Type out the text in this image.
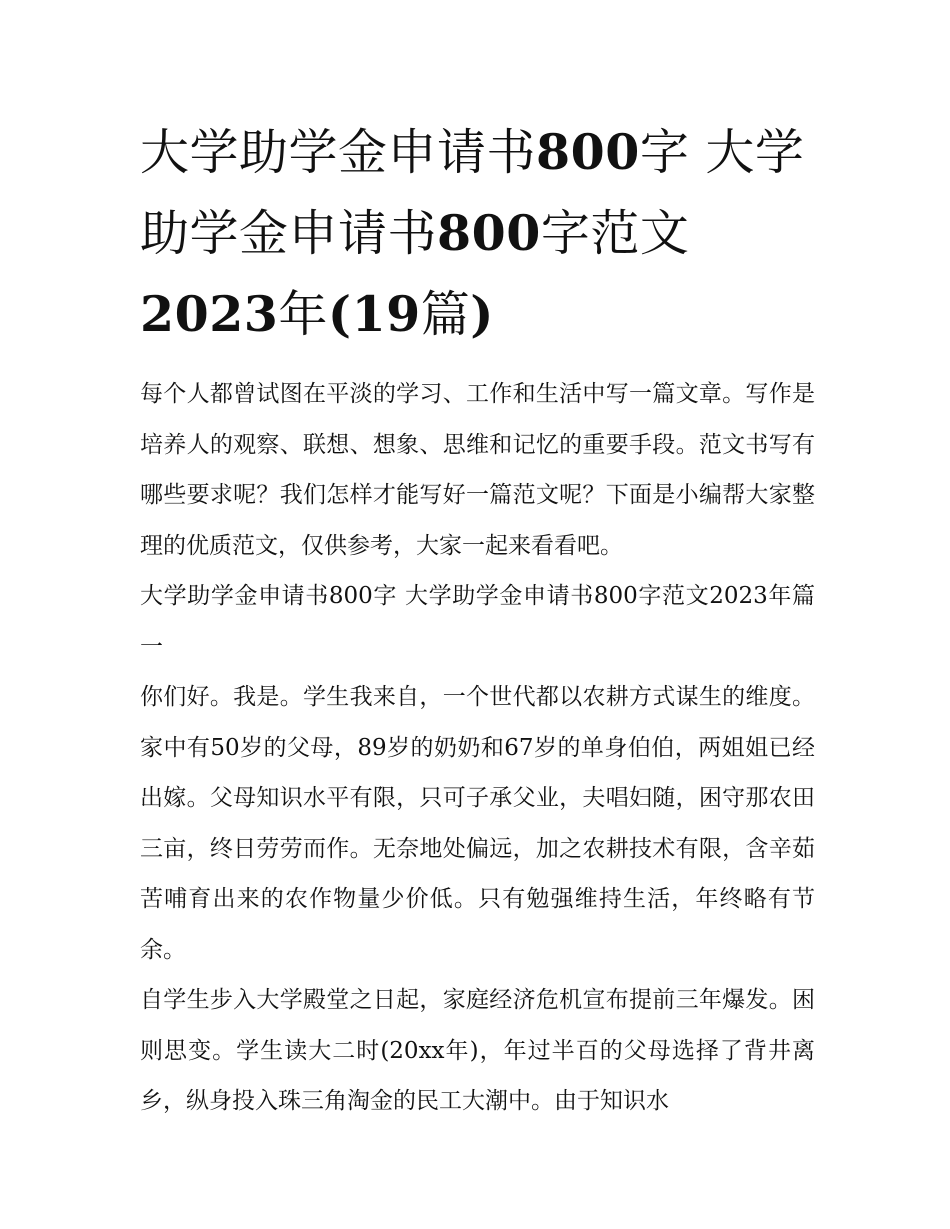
大学助学金申请书800字 大学助学金申请书800字范文2023年(19篇)

每个人都曾试图在平淡的学习、工作和生活中写一篇文章。写作是培养人的观察、联想、想象、思维和记忆的重要手段。范文书写有哪些要求呢？我们怎样才能写好一篇范文呢？下面是小编帮大家整理的优质范文，仅供参考，大家一起来看看吧。

大学助学金申请书800字 大学助学金申请书800字范文2023年篇一

你们好。我是。学生我来自，一个世代都以农耕方式谋生的维度。家中有50岁的父母，89岁的奶奶和67岁的单身伯伯，两姐姐已经出嫁。父母知识水平有限，只可子承父业，夫唱妇随，困守那农田三亩，终日劳劳而作。无奈地处偏远，加之农耕技术有限，含辛茹苦哺育出来的农作物量少价低。只有勉强维持生活，年终略有节余。

自学生步入大学殿堂之日起，家庭经济危机宣布提前三年爆发。困则思变。学生读大二时(20xx年)，年过半百的父母选择了背井离乡，纵身投入珠三角淘金的民工大潮中。由于知识水
